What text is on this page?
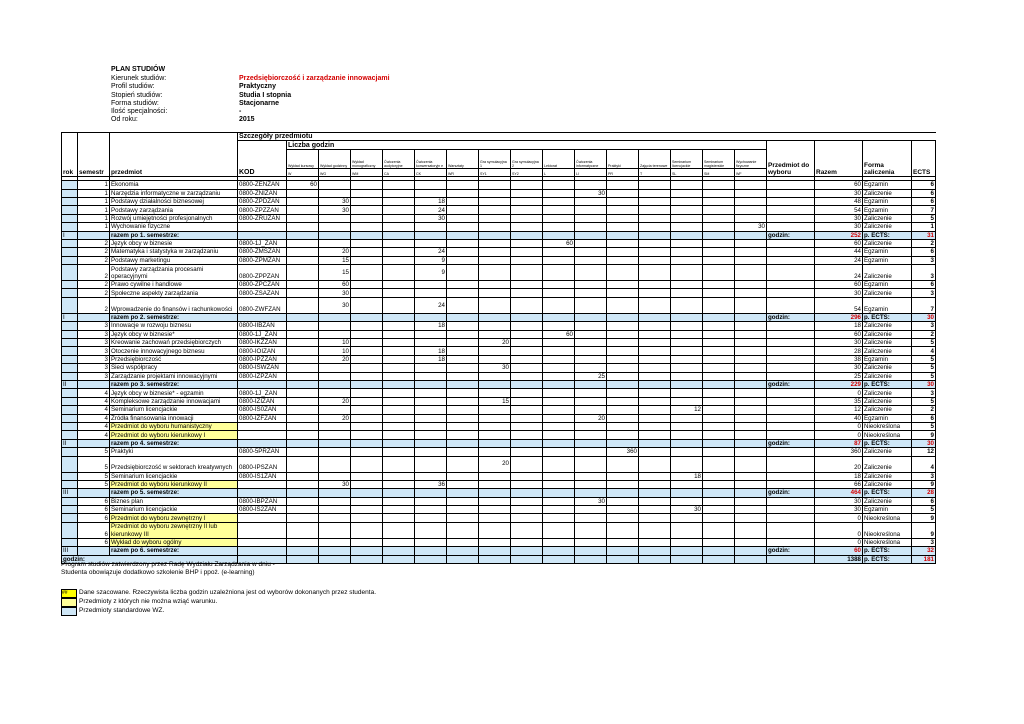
PLAN STUDIÓW
Kierunek studiów:	Przedsiębiorczość i zarządzanie innowacjami
Profil studiów:	Praktyczny
Stopień studiów:	Studia I stopnia
Forma studiów:	Stacjonarne
Ilość specjalności:	-
Od roku:	2015
rok	semestr	przedmiot	Szczegóły przedmiotu																			
			KOD	Liczba godzin															Przedmiot do wyboru	Razem	Forma zaliczenia	ECTS
				Wykład kursowy	Wykład godzinny	Wykład monograficzny	Ćwiczenia audytoryjne	Ćwiczenia konwersatoryjn e	Warsztaty	Gra symulacyjna 1	Gra symulacyjna 2	Lektorat	Ćwiczenia informatyczne	Praktyki	Zajęcia terenowe	Seminarium licencjackie	Seminarium magisterskie	Wychowanie fizyczne				
				W	WG	WM	CA	CK	WR	SY1	SY2	L	LI	PR	T	SL	SM	WF				

	1	Ekonomia	0800-ZENZAN	60																60	Egzamin	6
	1	Narzędzia informatyczne w zarządzaniu	0800-ZNIZAN										30							30	Zaliczenie	6
	1	Podstawy działalności biznesowej	0800-ZPDZAN		30			18												48	Egzamin	6
	1	Podstawy zarządzania	0800-ZPZZAN		30			24												54	Egzamin	7
	1	Rozwój umiejętności profesjonalnych	0800-ZRUZAN					30												30	Zaliczenie	5
	1	Wychowanie fizyczne																30		30	Zaliczenie	1
I		razem po 1. semestrze:																	godzin:	252	p. ECTS:	31
	2	Język obcy w biznesie	0800-1J_ZAN									60								60	Zaliczenie	2
	2	Matematyka i statystyka w zarządzaniu	0800-ZMSZAN		20			24												44	Egzamin	6
	2	Podstawy marketingu	0800-ZPMZAN		15			9												24	Egzamin	3
	2	Podstawy zarządzania procesami operacyjnymi	0800-ZPPZAN		15			9												24	Zaliczenie	3
	2	Prawo cywilne i handlowe	0800-ZPCZAN		60															60	Egzamin	6
	2	Społeczne aspekty zarządzania	0800-ZSAZAN		30															30	Zaliczenie	3
	2	Wprowadzenie do finansów i rachunkowości	0800-ZWFZAN		30			24												54	Egzamin	7
I		razem po 2. semestrze:																	godzin:	296	p. ECTS:	30
	3	Innowacje w rozwoju biznesu	0800-IIBZAN					18												18	Zaliczenie	3
	3	Język obcy w biznesie*	0800-1J_ZAN									60								60	Zaliczenie	2
	3	Kreowanie zachowań przedsiębiorczych	0800-IKZZAN		10					20										30	Zaliczenie	5
	3	Otoczenie innowacyjnego biznesu	0800-IOIZAN		10			18												28	Zaliczenie	4
	3	Przedsiębiorczość	0800-IPZZAN		20			18												38	Egzamin	5
	3	Sieci współpracy	0800-ISWZAN							30										30	Zaliczenie	5
	3	Zarządzanie projektami innowacyjnymi	0800-IZPZAN										25							25	Zaliczenie	5
II		razem po 3. semestrze:																	godzin:	229	p. ECTS:	30
	4	Język obcy w biznesie* - egzamin	0800-1J_ZAN																	0	Zaliczenie	3
	4	Kompleksowe zarządzanie innowacjami	0800-IZIZAN		20					15										35	Zaliczenie	5
	4	Seminarium licencjackie	0800-IS0ZAN													12				12	Zaliczenie	2
	4	Źródła finansowania innowacji	0800-IZFZAN		20								20							40	Egzamin	6
	4	Przedmiot do wyboru humanistyczny																		0	Nieokreślona	5
	4	Przedmiot do wyboru kierunkowy I																		0	Nieokreślona	9
II		razem po 4. semestrze:																	godzin:	87	p. ECTS:	30
	5	Praktyki	0800-5PRZAN											360						360	Zaliczenie	12
	5	Przedsiębiorczość w sektorach kreatywnych	0800-IPSZAN							20										20	Zaliczenie	4
	5	Seminarium licencjackie	0800-IS1ZAN													18				18	Zaliczenie	3
	5	Przedmiot do wyboru kierunkowy II			30			36												66	Zaliczenie	9
III		razem po 5. semestrze:																	godzin:	464	p. ECTS:	28
	6	Biznes plan	0800-IBPZAN										30							30	Zaliczenie	6
	6	Seminarium licencjackie	0800-IS2ZAN													30				30	Egzamin	5
	6	Przedmiot do wyboru zewnętrzny I																		0	Nieokreślona	9
	6	Przedmiot do wyboru zewnętrzny II lub kierunkowy III																		0	Nieokreślona	9
	6	Wykład do wyboru ogólny																		0	Nieokreślona	3
III		razem po 6. semestrze:																	godzin:	60	p. ECTS:	32
godzin:																				1388	p. ECTS:	181
Program studiów zatwierdzony przez Radę Wydziału Zarządzania w dniu -
Studenta obowiązuje dodatkowo szkolenie BHP i ppoż. (e-learning)
##	Dane szacowane. Rzeczywista liczba godzin uzależniona jest od wyborów dokonanych przez studenta.
Przedmioty z których nie można wziąć warunku.
Przedmioty standardowe WZ.
